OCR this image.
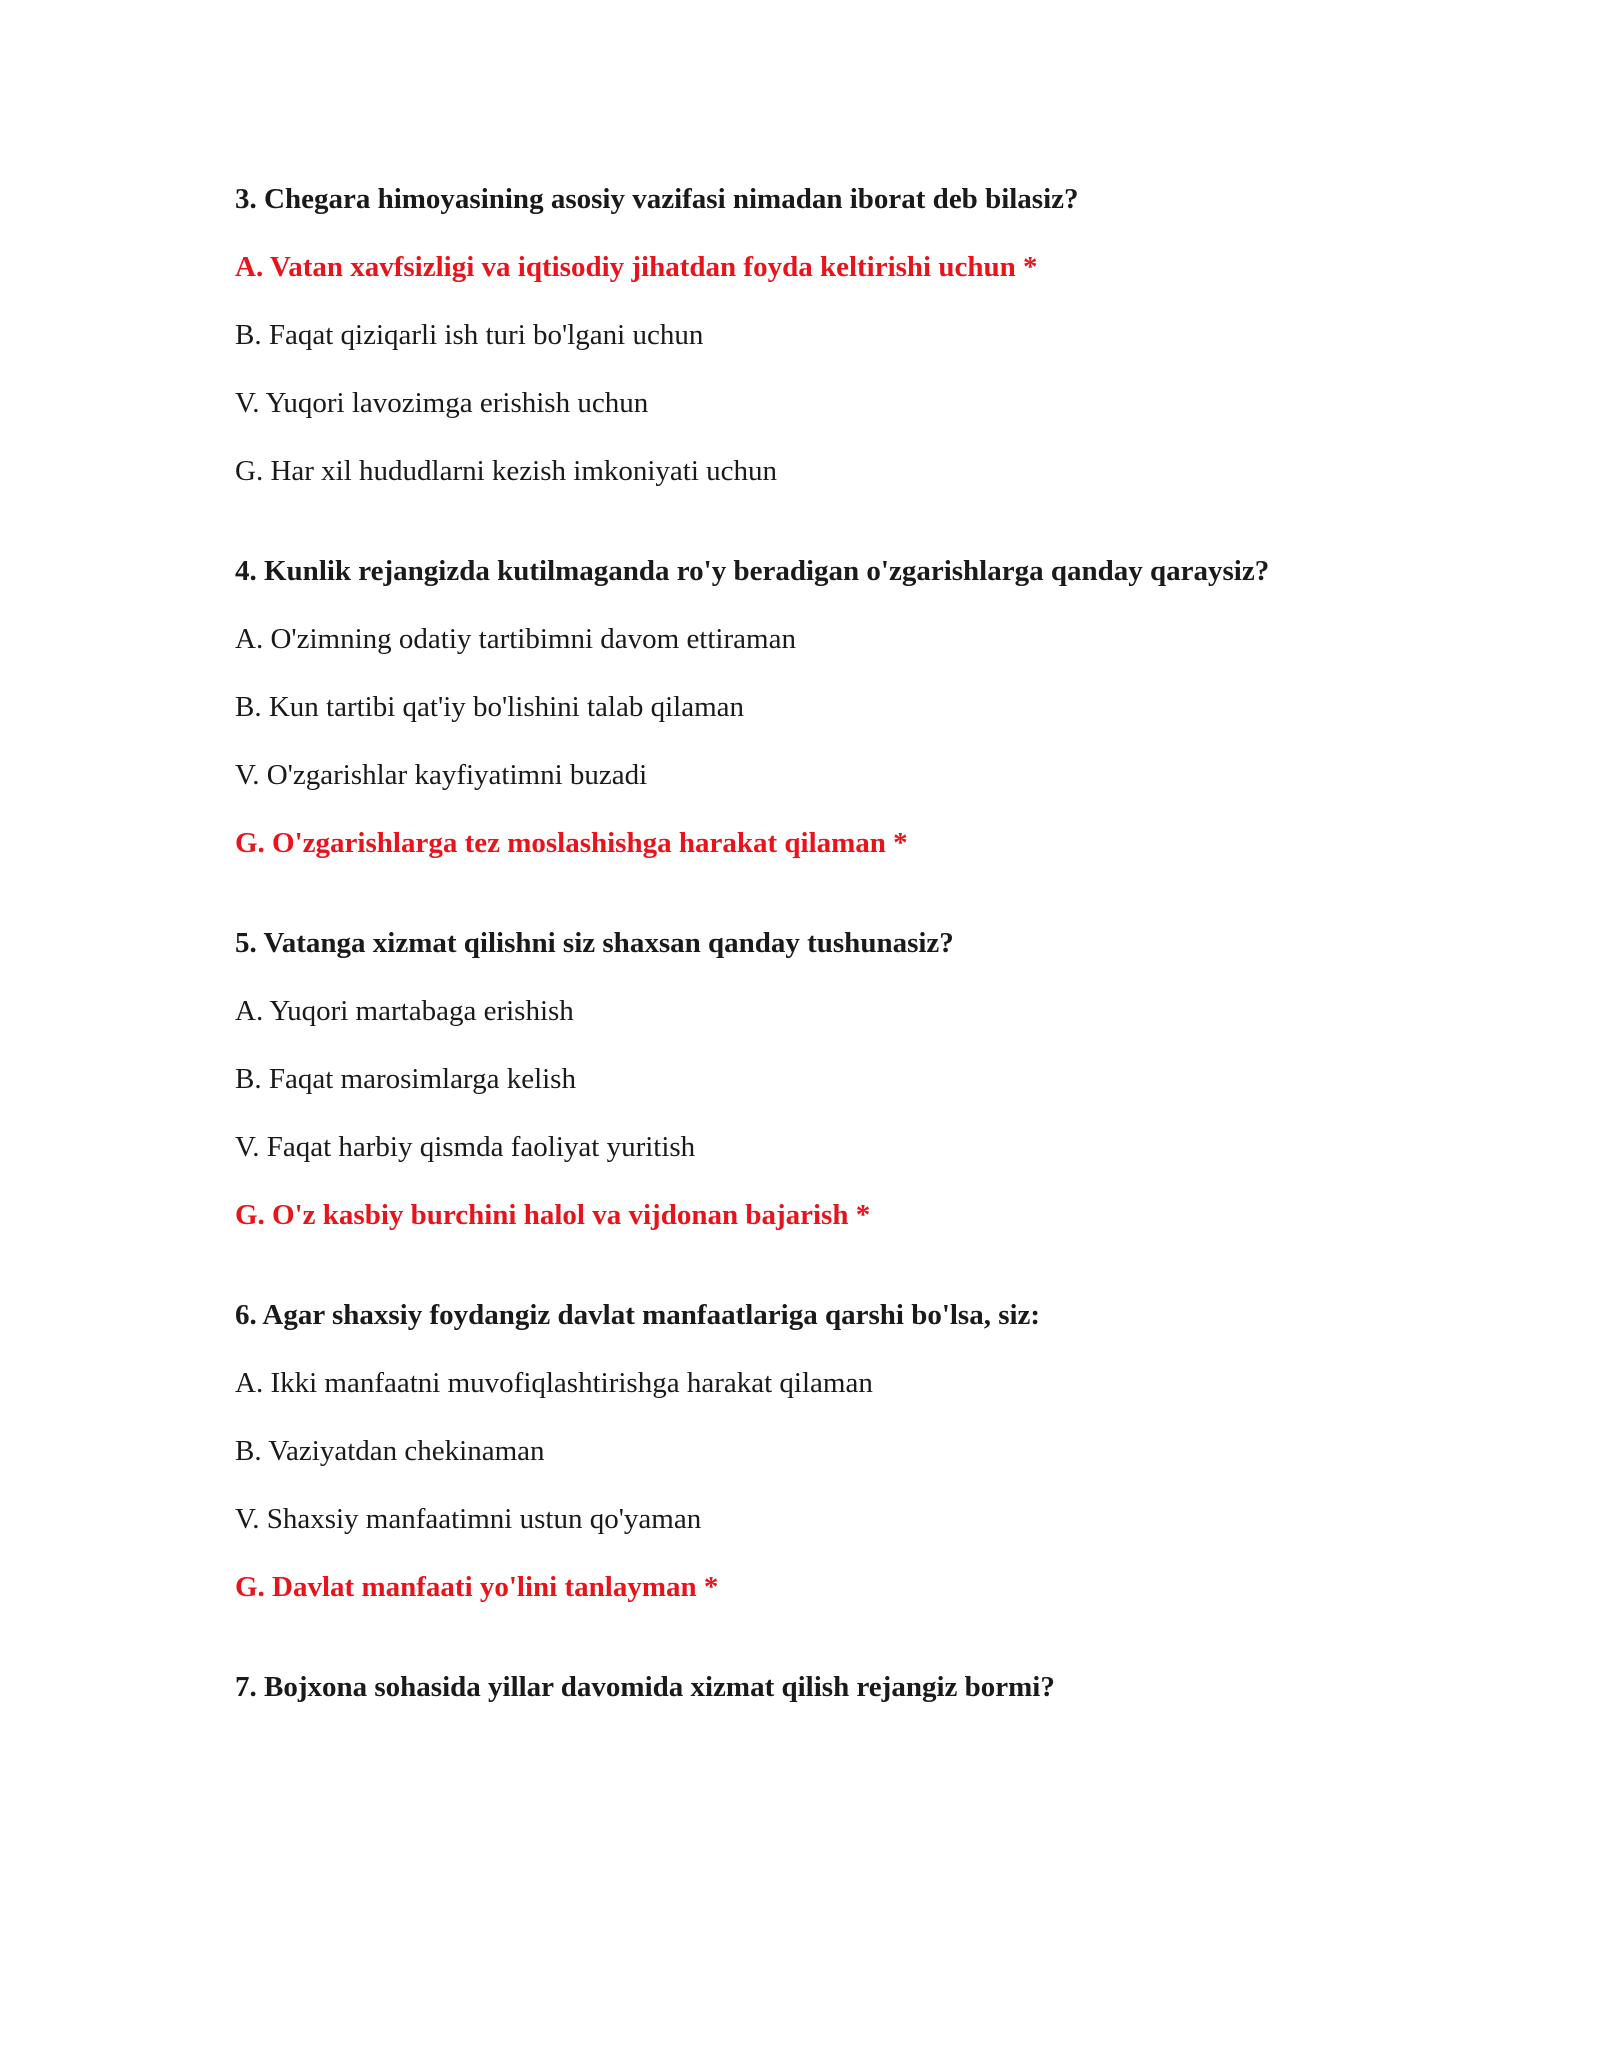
3. Chegara himoyasining asosiy vazifasi nimadan iborat deb bilasiz?
A. Vatan xavfsizligi va iqtisodiy jihatdan foyda keltirishi uchun *
B. Faqat qiziqarli ish turi bo'lgani uchun
V. Yuqori lavozimga erishish uchun
G. Har xil hududlarni kezish imkoniyati uchun
4. Kunlik rejangizda kutilmaganda ro'y beradigan o'zgarishlarga qanday qaraysiz?
A. O'zimning odatiy tartibimni davom ettiraman
B. Kun tartibi qat'iy bo'lishini talab qilaman
V. O'zgarishlar kayfiyatimni buzadi
G. O'zgarishlarga tez moslashishga harakat qilaman *
5. Vatanga xizmat qilishni siz shaxsan qanday tushunasiz?
A. Yuqori martabaga erishish
B. Faqat marosimlarga kelish
V. Faqat harbiy qismda faoliyat yuritish
G. O'z kasbiy burchini halol va vijdonan bajarish *
6. Agar shaxsiy foydangiz davlat manfaatlariga qarshi bo'lsa, siz:
A. Ikki manfaatni muvofiqlashtirishga harakat qilaman
B. Vaziyatdan chekinaman
V. Shaxsiy manfaatimni ustun qo'yaman
G. Davlat manfaati yo'lini tanlayman *
7. Bojxona sohasida yillar davomida xizmat qilish rejangiz bormi?
